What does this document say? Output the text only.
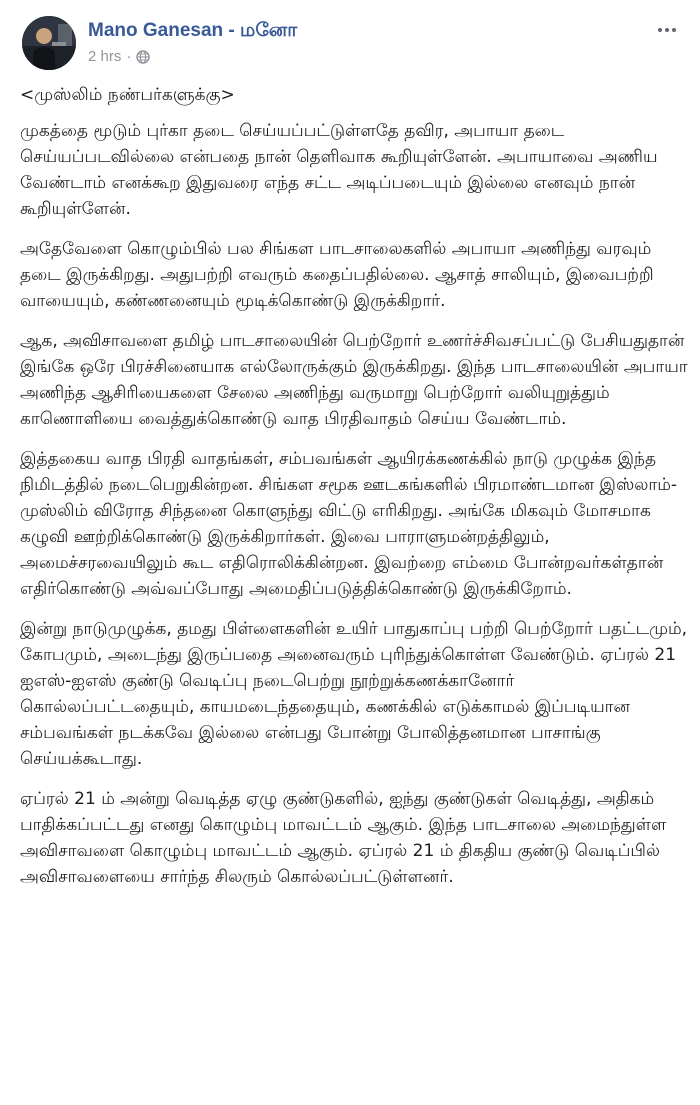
Mano Ganesan - மனோ
2 hrs ·

<முஸ்லிம் நண்பர்களுக்கு>

முகத்தை மூடும் புர்கா தடை செய்யப்பட்டுள்ளதே தவிர, அபாயா தடை செய்யப்படவில்லை என்பதை நான் தெளிவாக கூறியுள்ளேன். அபாயாவை அணிய வேண்டாம் எனக்கூற இதுவரை எந்த சட்ட அடிப்படையும் இல்லை எனவும் நான் கூறியுள்ளேன்.

அதேவேளை கொழும்பில் பல சிங்கள பாடசாலைகளில் அபாயா அணிந்து வரவும் தடை இருக்கிறது. அதுபற்றி எவரும் கதைப்பதில்லை. ஆசாத் சாலியும், இவைபற்றி வாயையும், கண்ணனையும் மூடிக்கொண்டு இருக்கிறார்.

ஆக, அவிசாவளை தமிழ் பாடசாலையின் பெற்றோர் உணர்ச்சிவசப்பட்டு பேசியதுதான் இங்கே ஒரே பிரச்சினையாக எல்லோருக்கும் இருக்கிறது. இந்த பாடசாலையின் அபாயா அணிந்த ஆசிரியைகளை சேலை அணிந்து வருமாறு பெற்றோர் வலியுறுத்தும் காணொளியை வைத்துக்கொண்டு வாத பிரதிவாதம் செய்ய வேண்டாம்.

இத்தகைய வாத பிரதி வாதங்கள், சம்பவங்கள் ஆயிரக்கணக்கில் நாடு முழுக்க இந்த நிமிடத்தில் நடைபெறுகின்றன. சிங்கள சமூக ஊடகங்களில் பிரமாண்டமான இஸ்லாம்-முஸ்லிம் விரோத சிந்தனை கொளுந்து விட்டு எரிகிறது. அங்கே மிகவும் மோசமாக கழுவி ஊற்றிக்கொண்டு இருக்கிறார்கள். இவை பாராளுமன்றத்திலும், அமைச்சரவையிலும் கூட எதிரொலிக்கின்றன. இவற்றை எம்மை போன்றவர்கள்தான் எதிர்கொண்டு அவ்வப்போது அமைதிப்படுத்திக்கொண்டு இருக்கிறோம்.

இன்று நாடுமுழுக்க, தமது பிள்ளைகளின் உயிர் பாதுகாப்பு பற்றி பெற்றோர் பதட்டமும், கோபமும், அடைந்து இருப்பதை அனைவரும் புரிந்துக்கொள்ள வேண்டும். ஏப்ரல் 21 ஐஎஸ்-ஐஎஸ் குண்டு வெடிப்பு நடைபெற்று நூற்றுக்கணக்கானோர் கொல்லப்பட்டதையும், காயமடைந்ததையும், கணக்கில் எடுக்காமல் இப்படியான சம்பவங்கள் நடக்கவே இல்லை என்பது போன்று போலித்தனமான பாசாங்கு செய்யக்கூடாது.

ஏப்ரல் 21 ம் அன்று வெடித்த ஏழு குண்டுகளில், ஐந்து குண்டுகள் வெடித்து, அதிகம் பாதிக்கப்பட்டது எனது கொழும்பு மாவட்டம் ஆகும். இந்த பாடசாலை அமைந்துள்ள அவிசாவளை கொழும்பு மாவட்டம் ஆகும். ஏப்ரல் 21 ம் திகதிய குண்டு வெடிப்பில் அவிசாவளையை சார்ந்த சிலரும் கொல்லப்பட்டுள்ளனர்.
